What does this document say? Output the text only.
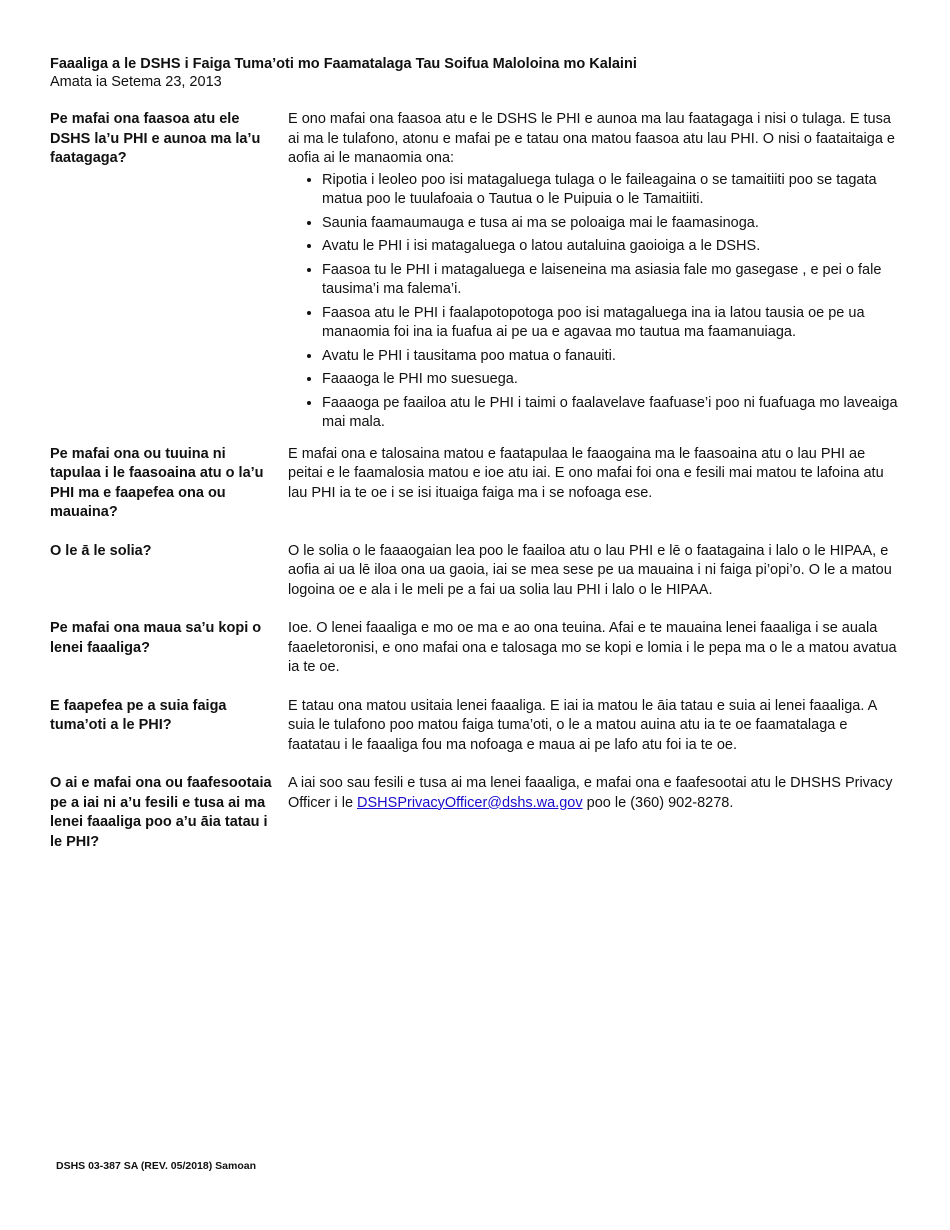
Faaaliga a le DSHS i Faiga Tuma’oti mo Faamatalaga Tau Soifua Maloloina mo Kalaini
Amata ia Setema 23, 2013
Pe mafai ona faasoa atu ele DSHS la’u PHI e aunoa ma la’u faatagaga?

E ono mafai ona faasoa atu e le DSHS le PHI e aunoa ma lau faatagaga i nisi o tulaga. E tusa ai ma le tulafono, atonu e mafai pe e tatau ona matou faasoa atu lau PHI. O nisi o faataitaiga e aofia ai le manaomia ona:

• Ripotia i leoleo poo isi matagaluega tulaga o le faileagaina o se tamaitiiti poo se tagata matua poo le tuulafoaia o Tautua o le Puipuia o le Tamaitiiti.
• Saunia faamaumauga e tusa ai ma se poloaiga mai le faamasinoga.
• Avatu le PHI i isi matagaluega o latou autaluina gaoioiga a le DSHS.
• Faasoa tu le PHI i matagaluega e laiseneina ma asiasia fale mo gasegase , e pei o fale tausima’i ma falema’i.
• Faasoa atu le PHI i faalapotopotoga poo isi matagaluega ina ia latou tausia oe pe ua manaomia foi ina ia fuafua ai pe ua e agavaa mo tautua ma faamanuiaga.
• Avatu le PHI i tausitama poo matua o fanauiti.
• Faaaoga le PHI mo suesuega.
• Faaaoga pe faailoa atu le PHI i taimi o faalavelave faafuase’i poo ni fuafuaga mo laveaiga mai mala.
Pe mafai ona ou tuuina ni tapulaa i le faasoaina atu o la’u PHI ma e faapefea ona ou mauaina?

E mafai ona e talosaina matou e faatapulaa le faaogaina ma le faasoaina atu o lau PHI ae peitai e le faamalosia matou e ioe atu iai. E ono mafai foi ona e fesili mai matou te lafoina atu lau PHI ia te oe i se isi ituaiga faiga ma i se nofoaga ese.

O le ā le solia?	O le solia o le faaaogaian lea poo le faailoa atu o lau PHI e lē o faatagaina i lalo o le HIPAA, e aofia ai ua lē iloa ona ua gaoia, iai se mea sese pe ua mauaina i ni faiga pi’opi’o. O le a matou logoina oe e ala i le meli pe a fai ua solia lau PHI i lalo o le HIPAA.

Pe mafai ona maua sa’u kopi o lenei faaaliga?

Ioe. O lenei faaaliga e mo oe ma e ao ona teuina. Afai e te mauaina lenei faaaliga i se auala faaeletoronisi, e ono mafai ona e talosaga mo se kopi e lomia i le pepa ma o le a matou avatua ia te oe.

E faapefea pe a suia faiga tuma’oti a le PHI?

E tatau ona matou usitaia lenei faaaliga. E iai ia matou le āia tatau e suia ai lenei faaaliga. A suia le tulafono poo matou faiga tuma’oti, o le a matou auina atu ia te oe faamatalaga e faatatau i le faaaliga fou ma nofoaga e maua ai pe lafo atu foi ia te oe.

O ai e mafai ona ou faafesootaia pe a iai ni a’u fesili e tusa ai ma lenei faaaliga poo a’u āia tatau i le PHI?

A iai soo sau fesili e tusa ai ma lenei faaaliga, e mafai ona e faafesootai atu le DHSHS Privacy Officer i le DSHSPrivacyOfficer@dshs.wa.gov poo le (360) 902-8278.

DSHS 03-387 SA (REV. 05/2018) Samoan
